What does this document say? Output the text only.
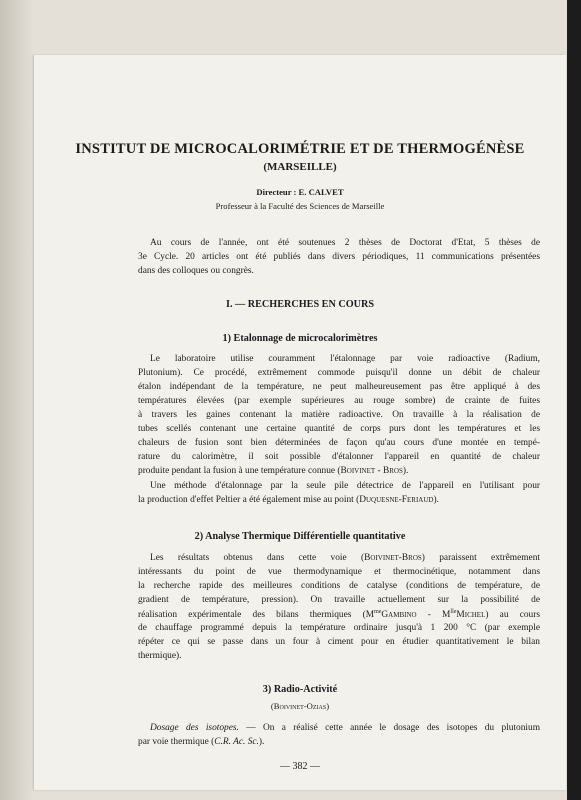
INSTITUT DE MICROCALORIMÉTRIE ET DE THERMOGÉNÈSE

(MARSEILLE)

Directeur : E. CALVET

Professeur à la Faculté des Sciences de Marseille

Au cours de l'année, ont été soutenues 2 thèses de Doctorat d'Etat, 5 thèses de

3e Cycle. 20 articles ont été publiés dans divers périodiques, 11 communications présentées

dans des colloques ou congrès.

I. — RECHERCHES EN COURS

1) Etalonnage de microcalorimètres

Le laboratoire utilise couramment l'étalonnage par voie radioactive (Radium,

Plutonium). Ce procédé, extrêmement commode puisqu'il donne un débit de chaleur

étalon indépendant de la température, ne peut malheureusement pas être appliqué à des

températures élevées (par exemple supérieures au rouge sombre) de crainte de fuites

à travers les gaines contenant la matière radioactive. On travaille à la réalisation de

tubes scellés contenant une certaine quantité de corps purs dont les températures et les

chaleurs de fusion sont bien déterminées de façon qu'au cours d'une montée en tempé-

rature du calorimètre, il soit possible d'étalonner l'appareil en quantité de chaleur

produite pendant la fusion à une température connue (Boivinet - Bros).

Une méthode d'étalonnage par la seule pile détectrice de l'appareil en l'utilisant pour

la production d'effet Peltier a été également mise au point (Duquesne-Feriaud).

2) Analyse Thermique Différentielle quantitative

Les résultats obtenus dans cette voie (Boivinet-Bros) paraissent extrêmement

intéressants du point de vue thermodynamique et thermocinétique, notamment dans

la recherche rapide des meilleures conditions de catalyse (conditions de température, de

gradient de température, pression). On travaille actuellement sur la possibilité de

réalisation expérimentale des bilans thermiques ($M^{me}Gambino$ - $M^{lle}Michel$) au cours

de chauffage programmé depuis la température ordinaire jusqu'à 1 200 °C (par exemple

répéter ce qui se passe dans un four à ciment pour en étudier quantitativement le bilan

thermique).

3) Radio-Activité

(Boivinet-Ozias)

Dosage des isotopes. — On a réalisé cette année le dosage des isotopes du plutonium

par voie thermique (C.R. Ac. Sc.).

— 382 —
